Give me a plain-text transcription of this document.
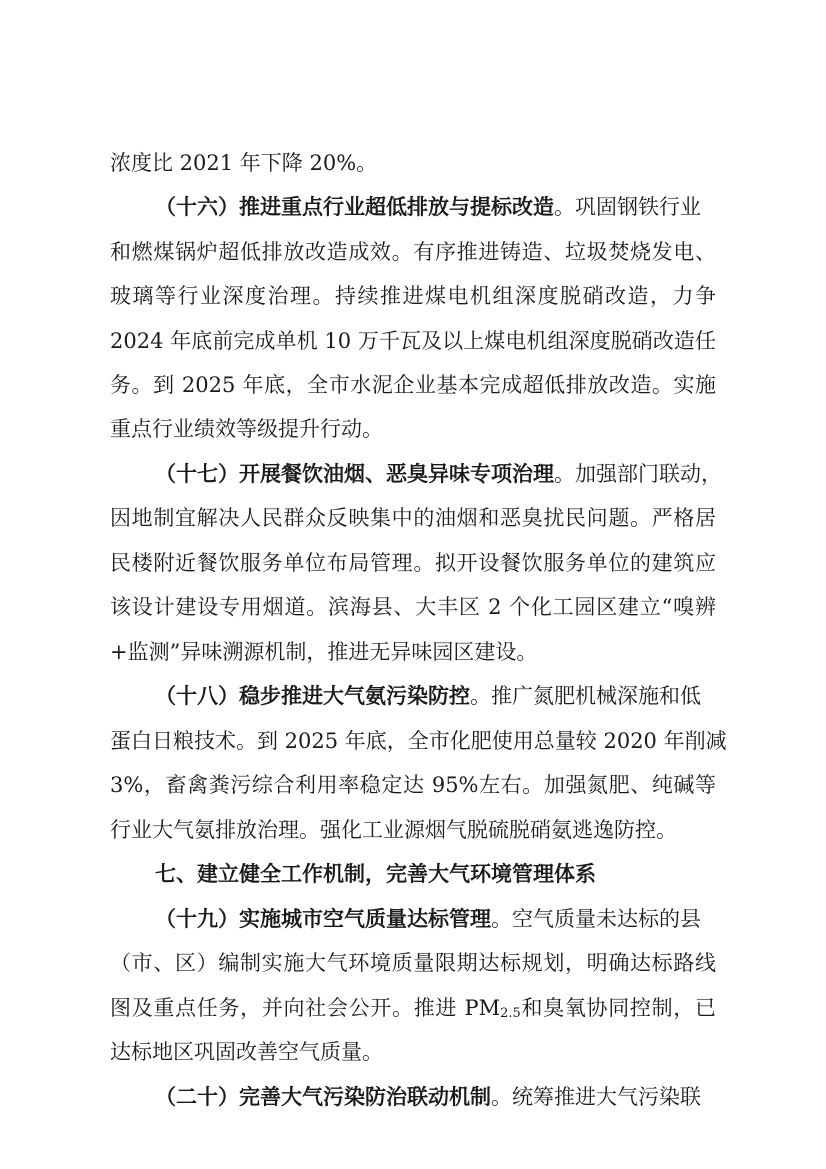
浓度比 2021 年下降 20%。
（十六）推进重点行业超低排放与提标改造。巩固钢铁行业
和燃煤锅炉超低排放改造成效。有序推进铸造、垃圾焚烧发电、
玻璃等行业深度治理。持续推进煤电机组深度脱硝改造，力争
2024 年底前完成单机 10 万千瓦及以上煤电机组深度脱硝改造任
务。到 2025 年底，全市水泥企业基本完成超低排放改造。实施
重点行业绩效等级提升行动。
（十七）开展餐饮油烟、恶臭异味专项治理。加强部门联动，
因地制宜解决人民群众反映集中的油烟和恶臭扰民问题。严格居
民楼附近餐饮服务单位布局管理。拟开设餐饮服务单位的建筑应
该设计建设专用烟道。滨海县、大丰区 2 个化工园区建立“嗅辨
+监测”异味溯源机制，推进无异味园区建设。
（十八）稳步推进大气氨污染防控。推广氮肥机械深施和低
蛋白日粮技术。到 2025 年底，全市化肥使用总量较 2020 年削减
3%，畜禽粪污综合利用率稳定达 95%左右。加强氮肥、纯碱等
行业大气氨排放治理。强化工业源烟气脱硫脱硝氨逃逸防控。
七、建立健全工作机制，完善大气环境管理体系
（十九）实施城市空气质量达标管理。空气质量未达标的县
（市、区）编制实施大气环境质量限期达标规划，明确达标路线
图及重点任务，并向社会公开。推进 $PM_{2.5}$和臭氧协同控制，已
达标地区巩固改善空气质量。
（二十）完善大气污染防治联动机制。统筹推进大气污染联
